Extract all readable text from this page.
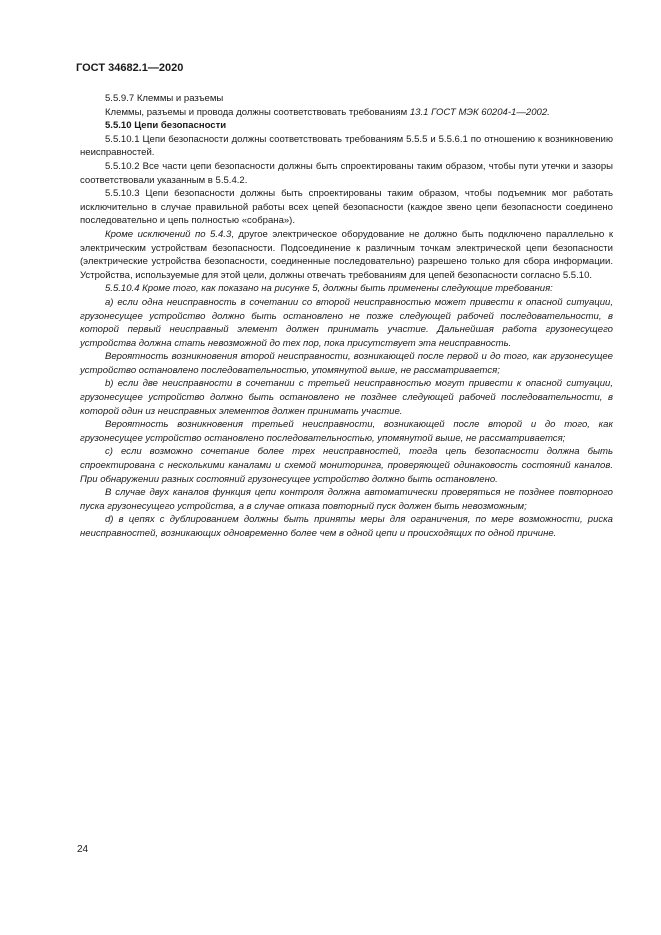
ГОСТ 34682.1—2020

5.5.9.7 Клеммы и разъемы

Клеммы, разъемы и провода должны соответствовать требованиям 13.1 ГОСТ МЭК 60204-1—2002.

5.5.10 Цепи безопасности

5.5.10.1 Цепи безопасности должны соответствовать требованиям 5.5.5 и 5.5.6.1 по отношению к возникновению неисправностей.

5.5.10.2 Все части цепи безопасности должны быть спроектированы таким образом, чтобы пути утечки и зазоры соответствовали указанным в 5.5.4.2.

5.5.10.3 Цепи безопасности должны быть спроектированы таким образом, чтобы подъемник мог работать исключительно в случае правильной работы всех цепей безопасности (каждое звено цепи безопасности соединено последовательно и цепь полностью «собрана»).

Кроме исключений по 5.4.3, другое электрическое оборудование не должно быть подключено параллельно к электрическим устройствам безопасности. Подсоединение к различным точкам электрической цепи безопасности (электрические устройства безопасности, соединенные последовательно) разрешено только для сбора информации. Устройства, используемые для этой цели, должны отвечать требованиям для цепей безопасности согласно 5.5.10.

5.5.10.4 Кроме того, как показано на рисунке 5, должны быть применены следующие требования:

a) если одна неисправность в сочетании со второй неисправностью может привести к опасной ситуации, грузонесущее устройство должно быть остановлено не позже следующей рабочей последовательности, в которой первый неисправный элемент должен принимать участие. Дальнейшая работа грузонесущего устройства должна стать невозможной до тех пор, пока присутствует эта неисправность.

Вероятность возникновения второй неисправности, возникающей после первой и до того, как грузонесущее устройство остановлено последовательностью, упомянутой выше, не рассматривается;

b) если две неисправности в сочетании с третьей неисправностью могут привести к опасной ситуации, грузонесущее устройство должно быть остановлено не позднее следующей рабочей последовательности, в которой один из неисправных элементов должен принимать участие.

Вероятность возникновения третьей неисправности, возникающей после второй и до того, как грузонесущее устройство остановлено последовательностью, упомянутой выше, не рассматривается;

c) если возможно сочетание более трех неисправностей, тогда цепь безопасности должна быть спроектирована с несколькими каналами и схемой мониторинга, проверяющей одинаковость состояний каналов. При обнаружении разных состояний грузонесущее устройство должно быть остановлено.

В случае двух каналов функция цепи контроля должна автоматически проверяться не позднее повторного пуска грузонесущего устройства, а в случае отказа повторный пуск должен быть невозможным;

d) в цепях с дублированием должны быть приняты меры для ограничения, по мере возможности, риска неисправностей, возникающих одновременно более чем в одной цепи и происходящих по одной причине.

24
